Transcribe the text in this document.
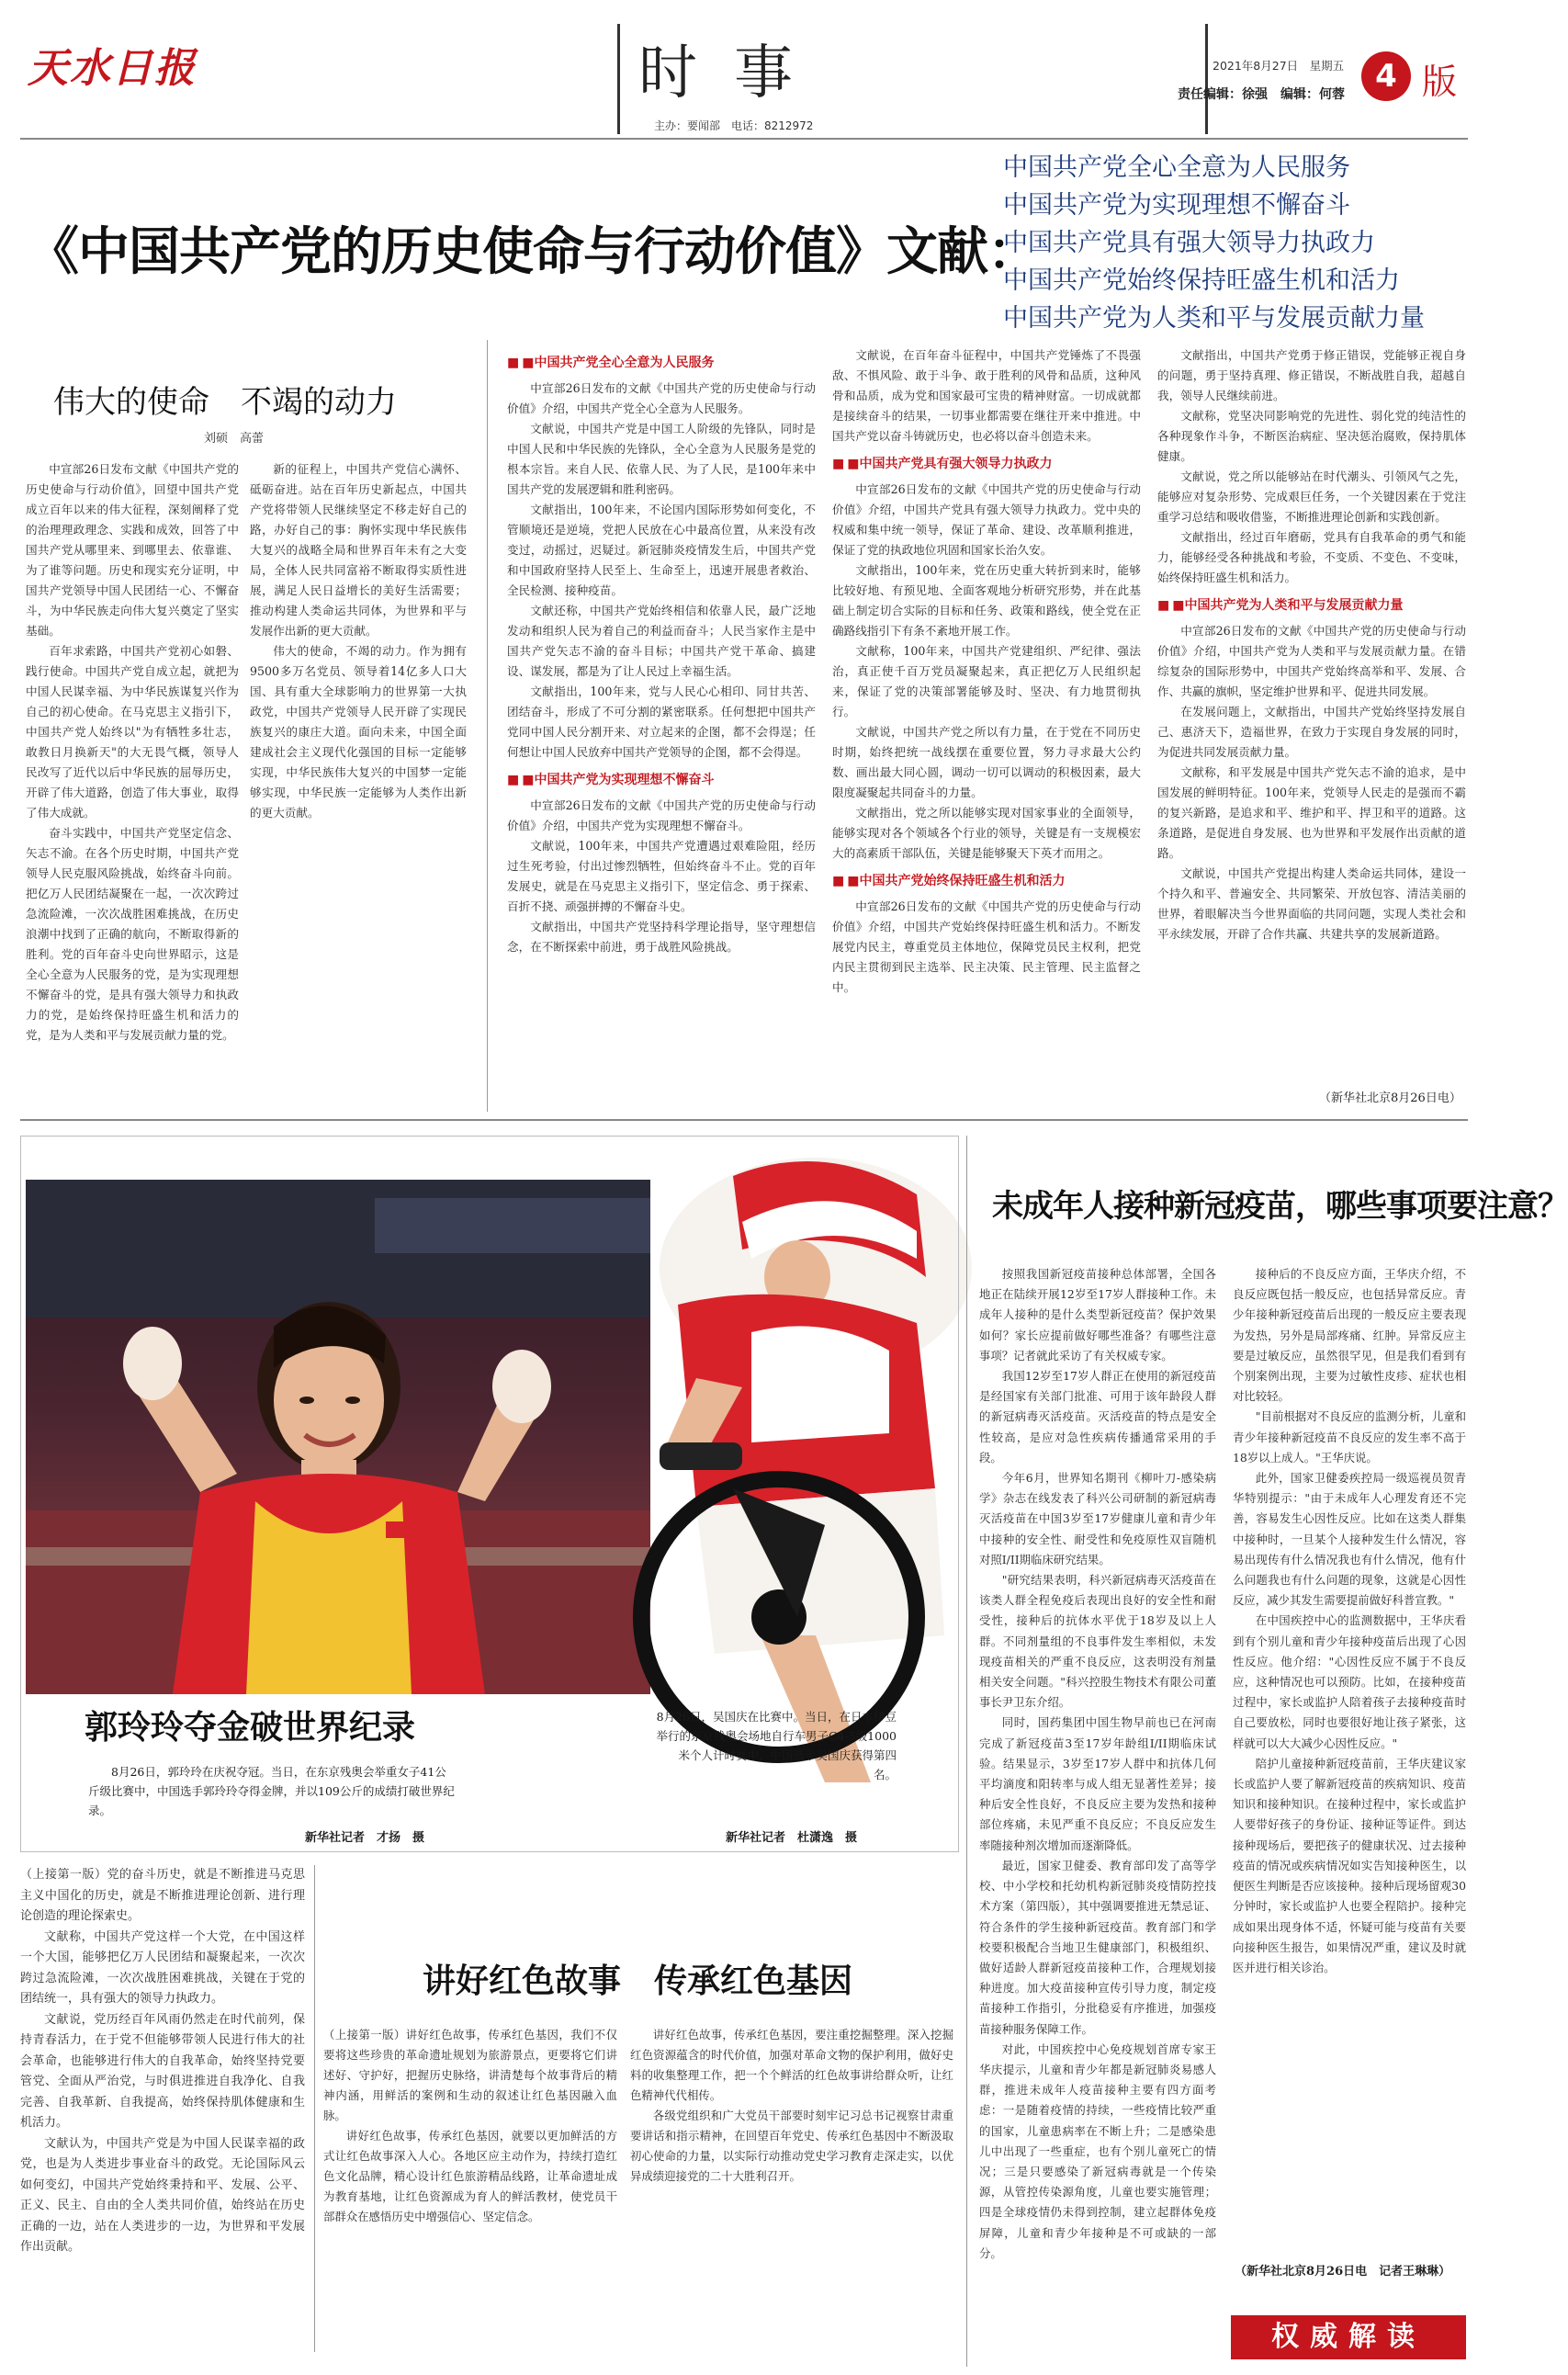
天水日报	时事
主办：要闻部　电话：8212972
2021年8月27日　星期五
责任编辑：徐强　编辑：何蓉 4 版
《中国共产党的历史使命与行动价值》文献：
中国共产党全心全意为人民服务
中国共产党为实现理想不懈奋斗
中国共产党具有强大领导力执政力
中国共产党始终保持旺盛生机和活力
中国共产党为人类和平与发展贡献力量
伟大的使命　不竭的动力
刘硕　高蕾

中宣部26日发布文献《中国共产党的历史使命与行动价值》，回望中国共产党成立百年以来的伟大征程，深刻阐释了党的治理理政理念、实践和成效，回答了中国共产党从哪里来、到哪里去、依靠谁、为了谁等问题。历史和现实充分证明，中国共产党领导中国人民团结一心、不懈奋斗，为中华民族走向伟大复兴奠定了坚实基础。

百年求索路，中国共产党初心如磐、践行使命。中国共产党自成立起，就把为中国人民谋幸福、为中华民族谋复兴作为自己的初心使命。在马克思主义指引下，中国共产党人始终以"为有牺牲多壮志，敢教日月换新天"的大无畏气概，领导人民改写了近代以后中华民族的屈辱历史，开辟了伟大道路，创造了伟大事业，取得了伟大成就。

奋斗实践中，中国共产党坚定信念、矢志不渝。在各个历史时期，中国共产党领导人民克服风险挑战，始终奋斗向前。把亿万人民团结凝聚在一起，一次次跨过急流险滩，一次次战胜困难挑战，在历史浪潮中找到了正确的航向，不断取得新的胜利。党的百年奋斗史向世界昭示，这是全心全意为人民服务的党，是为实现理想不懈奋斗的党，是具有强大领导力和执政力的党，是始终保持旺盛生机和活力的党，是为人类和平与发展贡献力量的党。

新的征程上，中国共产党信心满怀、砥砺奋进。站在百年历史新起点，中国共产党将带领人民继续坚定不移走好自己的路，办好自己的事：胸怀实现中华民族伟大复兴的战略全局和世界百年未有之大变局，全体人民共同富裕不断取得实质性进展，满足人民日益增长的美好生活需要；推动构建人类命运共同体，为世界和平与发展作出新的更大贡献。

伟大的使命，不竭的动力。作为拥有9500多万名党员、领导着14亿多人口大国、具有重大全球影响力的世界第一大执政党，中国共产党领导人民开辟了实现民族复兴的康庄大道。面向未来，中国全面建成社会主义现代化强国的目标一定能够实现，中华民族伟大复兴的中国梦一定能够实现，中华民族一定能够为人类作出新的更大贡献。

■ ■中国共产党全心全意为人民服务

中宣部26日发布的文献《中国共产党的历史使命与行动价值》介绍，中国共产党全心全意为人民服务。

文献说，中国共产党是中国工人阶级的先锋队，同时是中国人民和中华民族的先锋队，全心全意为人民服务是党的根本宗旨。来自人民、依靠人民、为了人民，是100年来中国共产党的发展逻辑和胜利密码。

文献指出，100年来，不论国内国际形势如何变化，不管顺境还是逆境，党把人民放在心中最高位置，从来没有改变过，动摇过，迟疑过。新冠肺炎疫情发生后，中国共产党和中国政府坚持人民至上、生命至上，迅速开展患者救治、全民检测、接种疫苗。

文献还称，中国共产党始终相信和依靠人民，最广泛地发动和组织人民为着自己的利益而奋斗；人民当家作主是中国共产党矢志不渝的奋斗目标；中国共产党干革命、搞建设、谋发展，都是为了让人民过上幸福生活。

文献指出，100年来，党与人民心心相印、同甘共苦、团结奋斗，形成了不可分割的紧密联系。任何想把中国共产党同中国人民分割开来、对立起来的企图，都不会得逞；任何想让中国人民放弃中国共产党领导的企图，都不会得逞。

■ ■中国共产党为实现理想不懈奋斗

中宣部26日发布的文献《中国共产党的历史使命与行动价值》介绍，中国共产党为实现理想不懈奋斗。

文献说，100年来，中国共产党遭遇过艰难险阻，经历过生死考验，付出过惨烈牺牲，但始终奋斗不止。党的百年发展史，就是在马克思主义指引下，坚定信念、勇于探索、百折不挠、顽强拼搏的不懈奋斗史。

文献指出，中国共产党坚持科学理论指导，坚守理想信念，在不断探索中前进，勇于战胜风险挑战。

文献说，在百年奋斗征程中，中国共产党锤炼了不畏强敌、不惧风险、敢于斗争、敢于胜利的风骨和品质，这种风骨和品质，成为党和国家最可宝贵的精神财富。一切成就都是接续奋斗的结果，一切事业都需要在继往开来中推进。中国共产党以奋斗铸就历史，也必将以奋斗创造未来。

■ ■中国共产党具有强大领导力执政力

中宣部26日发布的文献《中国共产党的历史使命与行动价值》介绍，中国共产党具有强大领导力执政力。党中央的权威和集中统一领导，保证了革命、建设、改革顺利推进，保证了党的执政地位巩固和国家长治久安。

文献指出，100年来，党在历史重大转折到来时，能够比较好地、有预见地、全面客观地分析研究形势，并在此基础上制定切合实际的目标和任务、政策和路线，使全党在正确路线指引下有条不紊地开展工作。

文献称，100年来，中国共产党建组织、严纪律、强法治，真正使千百万党员凝聚起来，真正把亿万人民组织起来，保证了党的决策部署能够及时、坚决、有力地贯彻执行。

文献说，中国共产党之所以有力量，在于党在不同历史时期，始终把统一战线摆在重要位置，努力寻求最大公约数、画出最大同心圆，调动一切可以调动的积极因素，最大限度凝聚起共同奋斗的力量。

文献指出，党之所以能够实现对国家事业的全面领导，能够实现对各个领域各个行业的领导，关键是有一支规模宏大的高素质干部队伍，关键是能够聚天下英才而用之。

■ ■中国共产党始终保持旺盛生机和活力

中宣部26日发布的文献《中国共产党的历史使命与行动价值》介绍，中国共产党始终保持旺盛生机和活力。不断发展党内民主，尊重党员主体地位，保障党员民主权利，把党内民主贯彻到民主选举、民主决策、民主管理、民主监督之中。

文献指出，中国共产党勇于修正错误，党能够正视自身的问题，勇于坚持真理、修正错误，不断战胜自我，超越自我，领导人民继续前进。

文献称，党坚决同影响党的先进性、弱化党的纯洁性的各种现象作斗争，不断医治病症、坚决惩治腐败，保持肌体健康。

文献说，党之所以能够站在时代潮头、引领风气之先，能够应对复杂形势、完成艰巨任务，一个关键因素在于党注重学习总结和吸收借鉴，不断推进理论创新和实践创新。

文献指出，经过百年磨砺，党具有自我革命的勇气和能力，能够经受各种挑战和考验，不变质、不变色、不变味，始终保持旺盛生机和活力。

■ ■中国共产党为人类和平与发展贡献力量

中宣部26日发布的文献《中国共产党的历史使命与行动价值》介绍，中国共产党为人类和平与发展贡献力量。在错综复杂的国际形势中，中国共产党始终高举和平、发展、合作、共赢的旗帜，坚定维护世界和平、促进共同发展。

在发展问题上，文献指出，中国共产党始终坚持发展自己、惠济天下，造福世界，在致力于实现自身发展的同时，为促进共同发展贡献力量。

文献称，和平发展是中国共产党矢志不渝的追求，是中国发展的鲜明特征。100年来，党领导人民走的是强而不霸的复兴新路，是追求和平、维护和平、捍卫和平的道路。这条道路，是促进自身发展、也为世界和平发展作出贡献的道路。

文献说，中国共产党提出构建人类命运共同体，建设一个持久和平、普遍安全、共同繁荣、开放包容、清洁美丽的世界，着眼解决当今世界面临的共同问题，实现人类社会和平永续发展，开辟了合作共赢、共建共享的发展新道路。

（新华社北京8月26日电）
郭玲玲夺金破世界纪录
8月26日，郭玲玲在庆祝夺冠。当日，在东京残奥会举重女子41公斤级比赛中，中国选手郭玲玲夺得金牌，并以109公斤的成绩打破世界纪录。
新华社记者　才扬　摄
8月26日，吴国庆在比赛中。当日，在日本伊豆举行的东京残奥会场地自行车男子C4-5级1000米个人计时赛中，中国选手吴国庆获得第四名。
新华社记者　杜潇逸　摄

（上接第一版）党的奋斗历史，就是不断推进马克思主义中国化的历史，就是不断推进理论创新、进行理论创造的理论探索史。

文献称，中国共产党这样一个大党，在中国这样一个大国，能够把亿万人民团结和凝聚起来，一次次跨过急流险滩，一次次战胜困难挑战，关键在于党的团结统一，具有强大的领导力执政力。

文献说，党历经百年风雨仍然走在时代前列，保持青春活力，在于党不但能够带领人民进行伟大的社会革命，也能够进行伟大的自我革命，始终坚持党要管党、全面从严治党，与时俱进推进自我净化、自我完善、自我革新、自我提高，始终保持肌体健康和生机活力。

文献认为，中国共产党是为中国人民谋幸福的政党，也是为人类进步事业奋斗的政党。无论国际风云如何变幻，中国共产党始终秉持和平、发展、公平、正义、民主、自由的全人类共同价值，始终站在历史正确的一边，站在人类进步的一边，为世界和平发展作出贡献。

讲好红色故事　传承红色基因

（上接第一版）讲好红色故事，传承红色基因，我们不仅要将这些珍贵的革命遗址规划为旅游景点，更要将它们讲述好、守护好，把握历史脉络，讲清楚每个故事背后的精神内涵，用鲜活的案例和生动的叙述让红色基因融入血脉。

讲好红色故事，传承红色基因，就要以更加鲜活的方式让红色故事深入人心。各地区应主动作为，持续打造红色文化品牌，精心设计红色旅游精品线路，让革命遗址成为教育基地，让红色资源成为育人的鲜活教材，使党员干部群众在感悟历史中增强信心、坚定信念。

讲好红色故事，传承红色基因，要注重挖掘整理。深入挖掘红色资源蕴含的时代价值，加强对革命文物的保护利用，做好史料的收集整理工作，把一个个鲜活的红色故事讲给群众听，让红色精神代代相传。

各级党组织和广大党员干部要时刻牢记习总书记视察甘肃重要讲话和指示精神，在回望百年党史、传承红色基因中不断汲取初心使命的力量，以实际行动推动党史学习教育走深走实，以优异成绩迎接党的二十大胜利召开。

未成年人接种新冠疫苗，哪些事项要注意？

按照我国新冠疫苗接种总体部署，全国各地正在陆续开展12岁至17岁人群接种工作。未成年人接种的是什么类型新冠疫苗？保护效果如何？家长应提前做好哪些准备？有哪些注意事项？记者就此采访了有关权威专家。

我国12岁至17岁人群正在使用的新冠疫苗是经国家有关部门批准、可用于该年龄段人群的新冠病毒灭活疫苗。灭活疫苗的特点是安全性较高，是应对急性疾病传播通常采用的手段。

今年6月，世界知名期刊《柳叶刀-感染病学》杂志在线发表了科兴公司研制的新冠病毒灭活疫苗在中国3岁至17岁健康儿童和青少年中接种的安全性、耐受性和免疫原性双盲随机对照I/II期临床研究结果。

"研究结果表明，科兴新冠病毒灭活疫苗在该类人群全程免疫后表现出良好的安全性和耐受性，接种后的抗体水平优于18岁及以上人群。不同剂量组的不良事件发生率相似，未发现疫苗相关的严重不良反应，这表明没有剂量相关安全问题。"科兴控股生物技术有限公司董事长尹卫东介绍。

同时，国药集团中国生物早前也已在河南完成了新冠疫苗3至17岁年龄组I/II期临床试验。结果显示，3岁至17岁人群中和抗体几何平均滴度和阳转率与成人组无显著性差异；接种后安全性良好，不良反应主要为发热和接种部位疼痛，未见严重不良反应；不良反应发生率随接种剂次增加而逐渐降低。

最近，国家卫健委、教育部印发了高等学校、中小学校和托幼机构新冠肺炎疫情防控技术方案（第四版），其中强调要推进无禁忌证、符合条件的学生接种新冠疫苗。教育部门和学校要积极配合当地卫生健康部门，积极组织、做好适龄人群新冠疫苗接种工作，合理规划接种进度。加大疫苗接种宣传引导力度，制定疫苗接种工作指引，分批稳妥有序推进，加强疫苗接种服务保障工作。

对此，中国疾控中心免疫规划首席专家王华庆提示，儿童和青少年都是新冠肺炎易感人群，推进未成年人疫苗接种主要有四方面考虑：一是随着疫情的持续，一些疫情比较严重的国家，儿童患病率在不断上升；二是感染患儿中出现了一些重症，也有个别儿童死亡的情况；三是只要感染了新冠病毒就是一个传染源，从管控传染源角度，儿童也要实施管理；四是全球疫情仍未得到控制，建立起群体免疫屏障，儿童和青少年接种是不可或缺的一部分。

接种后的不良反应方面，王华庆介绍，不良反应既包括一般反应，也包括异常反应。青少年接种新冠疫苗后出现的一般反应主要表现为发热，另外是局部疼痛、红肿。异常反应主要是过敏反应，虽然很罕见，但是我们看到有个别案例出现，主要为过敏性皮疹、症状也相对比较轻。

"目前根据对不良反应的监测分析，儿童和青少年接种新冠疫苗不良反应的发生率不高于18岁以上成人。"王华庆说。

此外，国家卫健委疾控局一级巡视员贺青华特别提示："由于未成年人心理发育还不完善，容易发生心因性反应。比如在这类人群集中接种时，一旦某个人接种发生什么情况，容易出现传有什么情况我也有什么情况，他有什么问题我也有什么问题的现象，这就是心因性反应，减少其发生需要提前做好科普宣教。"

在中国疾控中心的监测数据中，王华庆看到有个别儿童和青少年接种疫苗后出现了心因性反应。他介绍："心因性反应不属于不良反应，这种情况也可以预防。比如，在接种疫苗过程中，家长或监护人陪着孩子去接种疫苗时自己要放松，同时也要很好地让孩子紧张，这样就可以大大减少心因性反应。"

陪护儿童接种新冠疫苗前，王华庆建议家长或监护人要了解新冠疫苗的疾病知识、疫苗知识和接种知识。在接种过程中，家长或监护人要带好孩子的身份证、接种证等证件。到达接种现场后，要把孩子的健康状况、过去接种疫苗的情况或疾病情况如实告知接种医生，以便医生判断是否应该接种。接种后现场留观30分钟时，家长或监护人也要全程陪护。接种完成如果出现身体不适，怀疑可能与疫苗有关要向接种医生报告，如果情况严重，建议及时就医并进行相关诊治。

（新华社北京8月26日电　记者王琳琳）
权威解读
